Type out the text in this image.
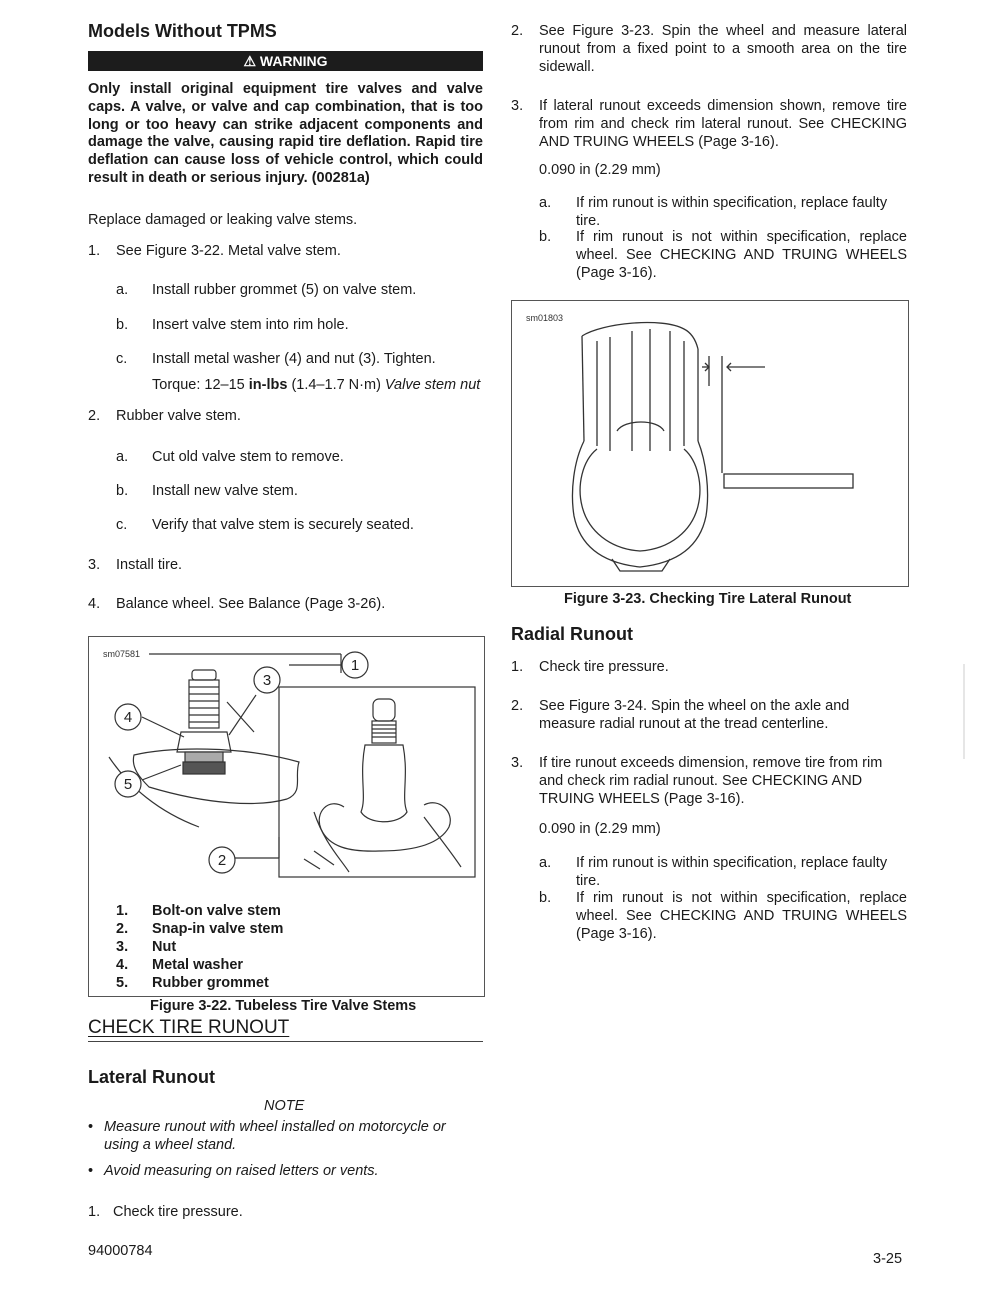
Models Without TPMS
⚠ WARNING
Only install original equipment tire valves and valve caps. A valve, or valve and cap combination, that is too long or too heavy can strike adjacent components and damage the valve, causing rapid tire deflation. Rapid tire deflation can cause loss of vehicle control, which could result in death or serious injury. (00281a)
Replace damaged or leaking valve stems.
1. See Figure 3-22. Metal valve stem.
a. Install rubber grommet (5) on valve stem.
b. Insert valve stem into rim hole.
c. Install metal washer (4) and nut (3). Tighten.
Torque: 12–15 in-lbs (1.4–1.7 N·m) Valve stem nut
2. Rubber valve stem.
a. Cut old valve stem to remove.
b. Install new valve stem.
c. Verify that valve stem is securely seated.
3. Install tire.
4. Balance wheel. See Balance (Page 3-26).
sm07581
1
2
3
4
5
1.	Bolt-on valve stem
2.	Snap-in valve stem
3.	Nut
4.	Metal washer
5.	Rubber grommet
Figure 3-22. Tubeless Tire Valve Stems
CHECK TIRE RUNOUT
Lateral Runout
NOTE
• Measure runout with wheel installed on motorcycle or using a wheel stand.
• Avoid measuring on raised letters or vents.
1. Check tire pressure.
2. See Figure 3-23. Spin the wheel and measure lateral runout from a fixed point to a smooth area on the tire sidewall.
3. If lateral runout exceeds dimension shown, remove tire from rim and check rim lateral runout. See CHECKING AND TRUING WHEELS (Page 3-16).
0.090 in (2.29 mm)
a. If rim runout is within specification, replace faulty tire.
b. If rim runout is not within specification, replace wheel. See CHECKING AND TRUING WHEELS (Page 3-16).
sm01803
Figure 3-23. Checking Tire Lateral Runout
Radial Runout
1. Check tire pressure.
2. See Figure 3-24. Spin the wheel on the axle and measure radial runout at the tread centerline.
3. If tire runout exceeds dimension, remove tire from rim and check rim radial runout. See CHECKING AND TRUING WHEELS (Page 3-16).
0.090 in (2.29 mm)
a. If rim runout is within specification, replace faulty tire.
b. If rim runout is not within specification, replace wheel. See CHECKING AND TRUING WHEELS (Page 3-16).
94000784	3-25
